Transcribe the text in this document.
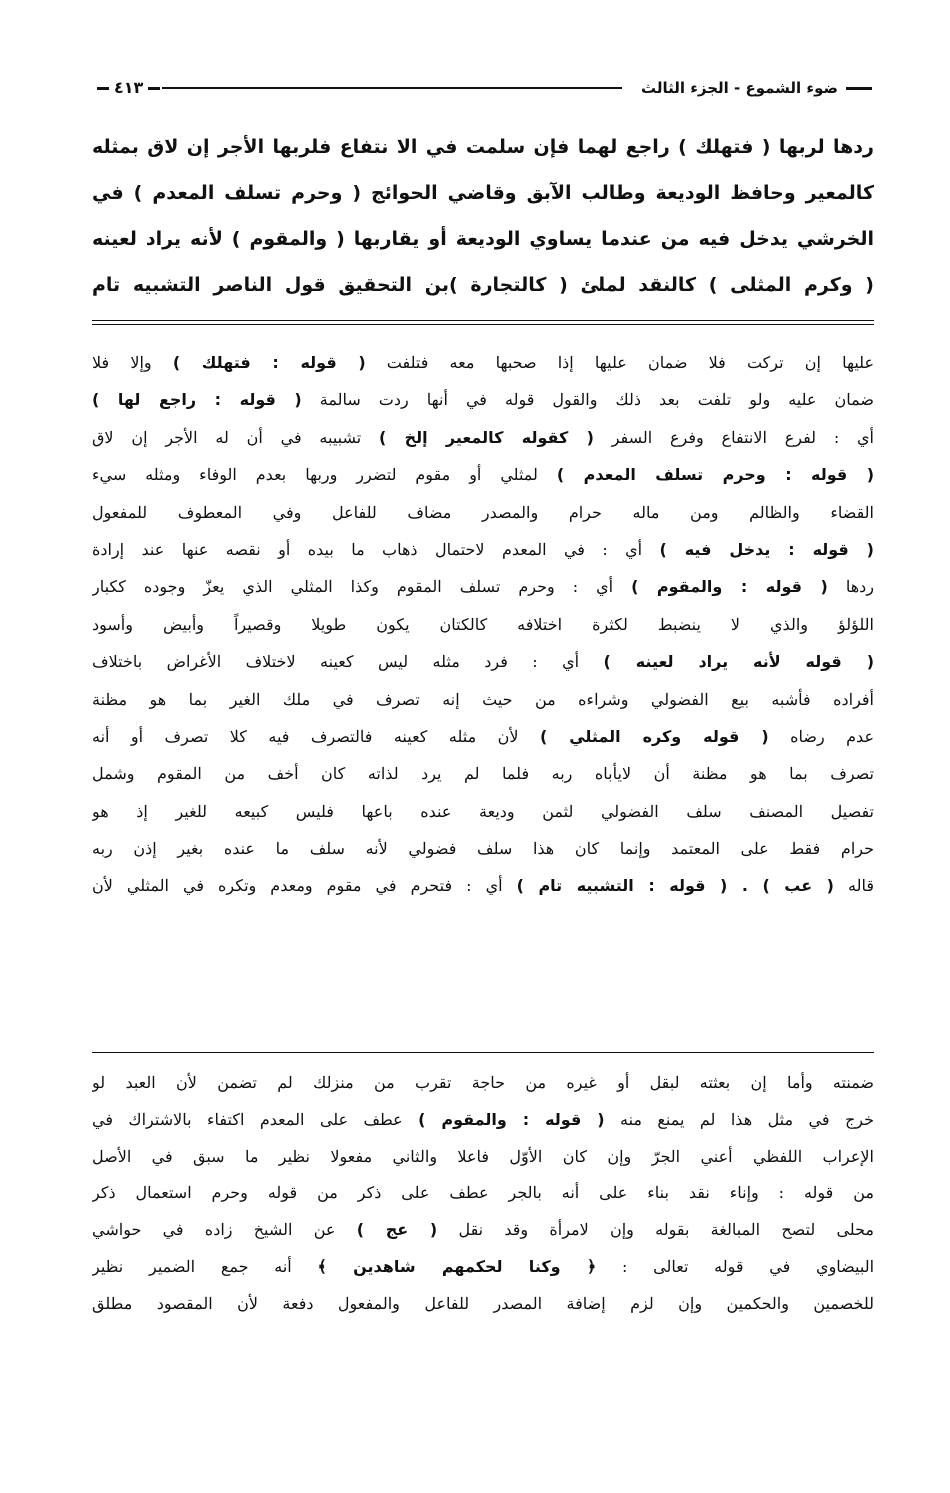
ضوء الشموع - الجزء الثالث
٤١٣
ردها لربها ( فتهلك ) راجع لهما فإن سلمت في الا نتفاع فلربها الأجر إن لاق بمثله
كالمعير وحافظ الوديعة وطالب الآبق وقاضي الحوائج ( وحرم تسلف المعدم ) في
الخرشي يدخل فيه من عندما يساوي الوديعة أو يقاربها ( والمقوم ) لأنه يراد لعينه
( وكرم المثلى ) كالنقد لملئ ( كالتجارة )بن التحقيق قول الناصر التشبيه تام
عليها إن تركت فلا ضمان عليها إذا صحبها معه فتلفت ( قوله : فتهلك ) وإلا فلا
ضمان عليه ولو تلفت بعد ذلك والقول قوله في أنها ردت سالمة ( قوله : راجع لها )
أي : لفرع الانتفاع وفرع السفر ( كقوله كالمعير إلخ ) تشبيبه في أن له الأجر إن لاق
( قوله : وحرم تسلف المعدم ) لمثلي أو مقوم لتضرر وربها بعدم الوفاء ومثله سيء
القضاء والظالم ومن ماله حرام والمصدر مضاف للفاعل وفي المعطوف للمفعول
( قوله : يدخل فيه ) أي : في المعدم لاحتمال ذهاب ما بيده أو نقصه عنها عند إرادة
ردها ( قوله : والمقوم ) أي : وحرم تسلف المقوم وكذا المثلي الذي يعزّ وجوده ككبار
اللؤلؤ والذي لا ينضبط لكثرة اختلافه كالكتان يكون طويلا وقصيراً وأبيض وأسود
( قوله لأنه يراد لعينه ) أي : فرد مثله ليس كعينه لاختلاف الأغراض باختلاف
أفراده فأشبه بيع الفضولي وشراءه من حيث إنه تصرف في ملك الغير بما هو مظنة
عدم رضاه ( قوله وكره المثلي ) لأن مثله كعينه فالتصرف فيه كلا تصرف أو أنه
تصرف بما هو مظنة أن لايأباه ربه فلما لم يرد لذاته كان أخف من المقوم وشمل
تفصيل المصنف سلف الفضولي لثمن وديعة عنده باعها فليس كبيعه للغير إذ هو
حرام فقط على المعتمد وإنما كان هذا سلف فضولي لأنه سلف ما عنده بغير إذن ربه
قاله ( عب ) . ( قوله : التشبيه تام ) أي : فتحرم في مقوم ومعدم وتكره في المثلي لأن
ضمنته وأما إن بعثته لبقل أو غيره من حاجة تقرب من منزلك لم تضمن لأن العبد لو
خرج في مثل هذا لم يمنع منه ( قوله : والمقوم ) عطف على المعدم اكتفاء بالاشتراك في
الإعراب اللفظي أعني الجرّ وإن كان الأوّل فاعلا والثاني مفعولا نظير ما سبق في الأصل
من قوله : وإناء نقد بناء على أنه بالجر عطف على ذكر من قوله وحرم استعمال ذكر
محلى لتصح المبالغة بقوله وإن لامرأة وقد نقل ( عج ) عن الشيخ زاده في حواشي
البيضاوي في قوله تعالى : ﴿ وكنا لحكمهم شاهدين ﴾ أنه جمع الضمير نظير
للخصمين والحكمين وإن لزم إضافة المصدر للفاعل والمفعول دفعة لأن المقصود مطلق
